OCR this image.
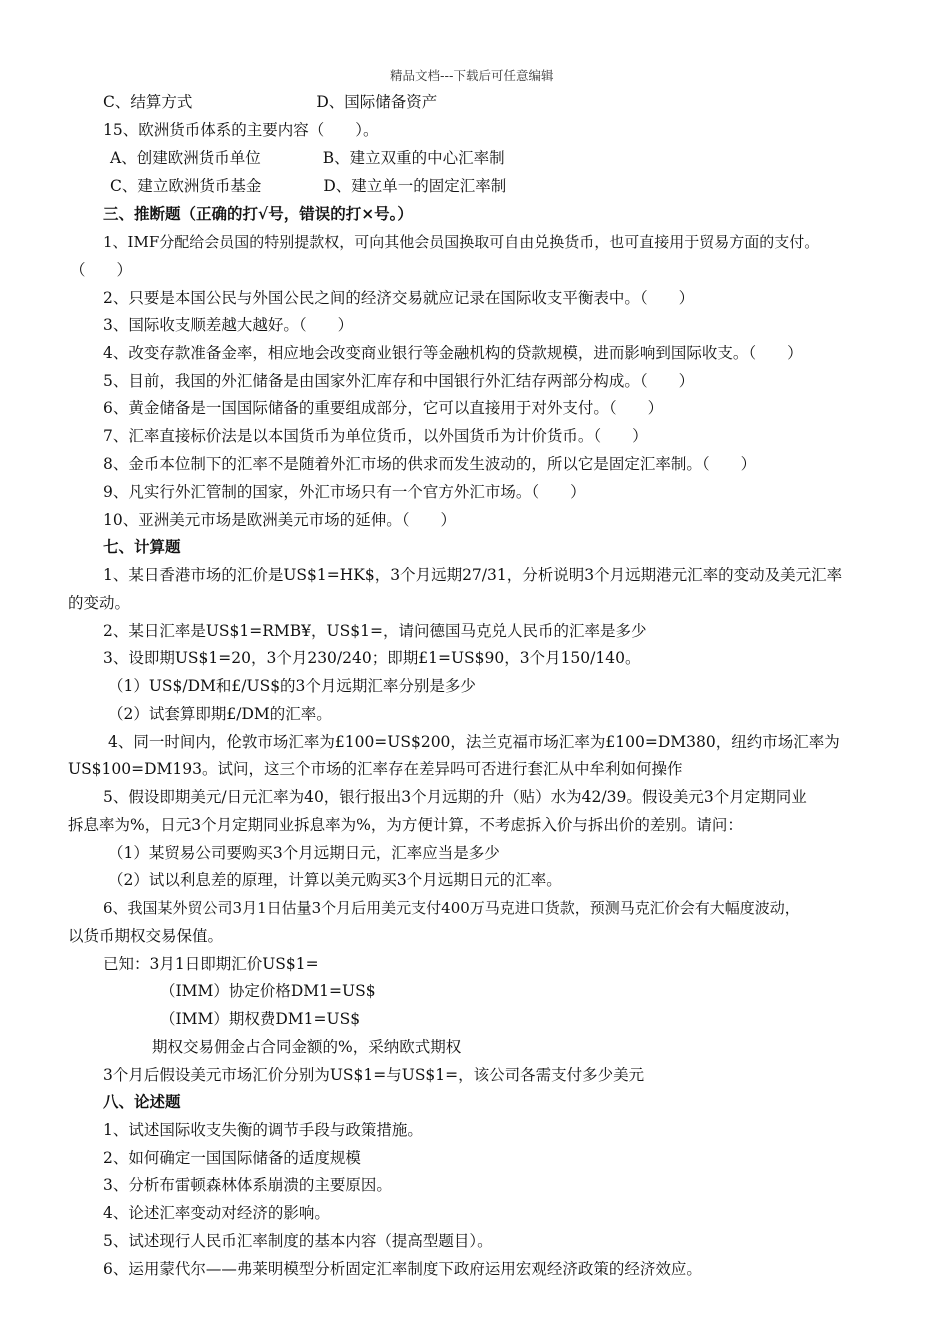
精品文档---下载后可任意编辑
C、结算方式　　　　　　　　D、国际储备资产
15、欧洲货币体系的主要内容（　　）。
A、创建欧洲货币单位　　　　B、建立双重的中心汇率制
C、建立欧洲货币基金　　　　D、建立单一的固定汇率制
三、推断题（正确的打√号，错误的打×号。）
1、IMF分配给会员国的特别提款权，可向其他会员国换取可自由兑换货币，也可直接用于贸易方面的支付。
（　　）
2、只要是本国公民与外国公民之间的经济交易就应记录在国际收支平衡表中。（　　）
3、国际收支顺差越大越好。（　　）
4、改变存款准备金率，相应地会改变商业银行等金融机构的贷款规模，进而影响到国际收支。（　　）
5、目前，我国的外汇储备是由国家外汇库存和中国银行外汇结存两部分构成。（　　）
6、黄金储备是一国国际储备的重要组成部分，它可以直接用于对外支付。（　　）
7、汇率直接标价法是以本国货币为单位货币，以外国货币为计价货币。（　　）
8、金币本位制下的汇率不是随着外汇市场的供求而发生波动的，所以它是固定汇率制。（　　）
9、凡实行外汇管制的国家，外汇市场只有一个官方外汇市场。（　　）
10、亚洲美元市场是欧洲美元市场的延伸。（　　）
七、计算题
1、某日香港市场的汇价是US$1=HK$，3个月远期27/31，分析说明3个月远期港元汇率的变动及美元汇率
的变动。
2、某日汇率是US$1=RMB¥，US$1=，请问德国马克兑人民币的汇率是多少
3、设即期US$1=20，3个月230/240；即期£1=US$90，3个月150/140。
（1）US$/DM和£/US$的3个月远期汇率分别是多少
（2）试套算即期£/DM的汇率。
4、同一时间内，伦敦市场汇率为£100=US$200，法兰克福市场汇率为£100=DM380，纽约市场汇率为
US$100=DM193。试问，这三个市场的汇率存在差异吗可否进行套汇从中牟利如何操作
5、假设即期美元/日元汇率为40，银行报出3个月远期的升（贴）水为42/39。假设美元3个月定期同业
拆息率为%，日元3个月定期同业拆息率为%，为方便计算，不考虑拆入价与拆出价的差别。请问：
（1）某贸易公司要购买3个月远期日元，汇率应当是多少
（2）试以利息差的原理，计算以美元购买3个月远期日元的汇率。
6、我国某外贸公司3月1日估量3个月后用美元支付400万马克进口货款，预测马克汇价会有大幅度波动，
以货币期权交易保值。
已知：3月1日即期汇价US$1=
（IMM）协定价格DM1=US$
（IMM）期权费DM1=US$
期权交易佣金占合同金额的%，采纳欧式期权
3个月后假设美元市场汇价分别为US$1=与US$1=，该公司各需支付多少美元
八、论述题
1、试述国际收支失衡的调节手段与政策措施。
2、如何确定一国国际储备的适度规模
3、分析布雷顿森林体系崩溃的主要原因。
4、论述汇率变动对经济的影响。
5、试述现行人民币汇率制度的基本内容（提高型题目）。
6、运用蒙代尔——弗莱明模型分析固定汇率制度下政府运用宏观经济政策的经济效应。
